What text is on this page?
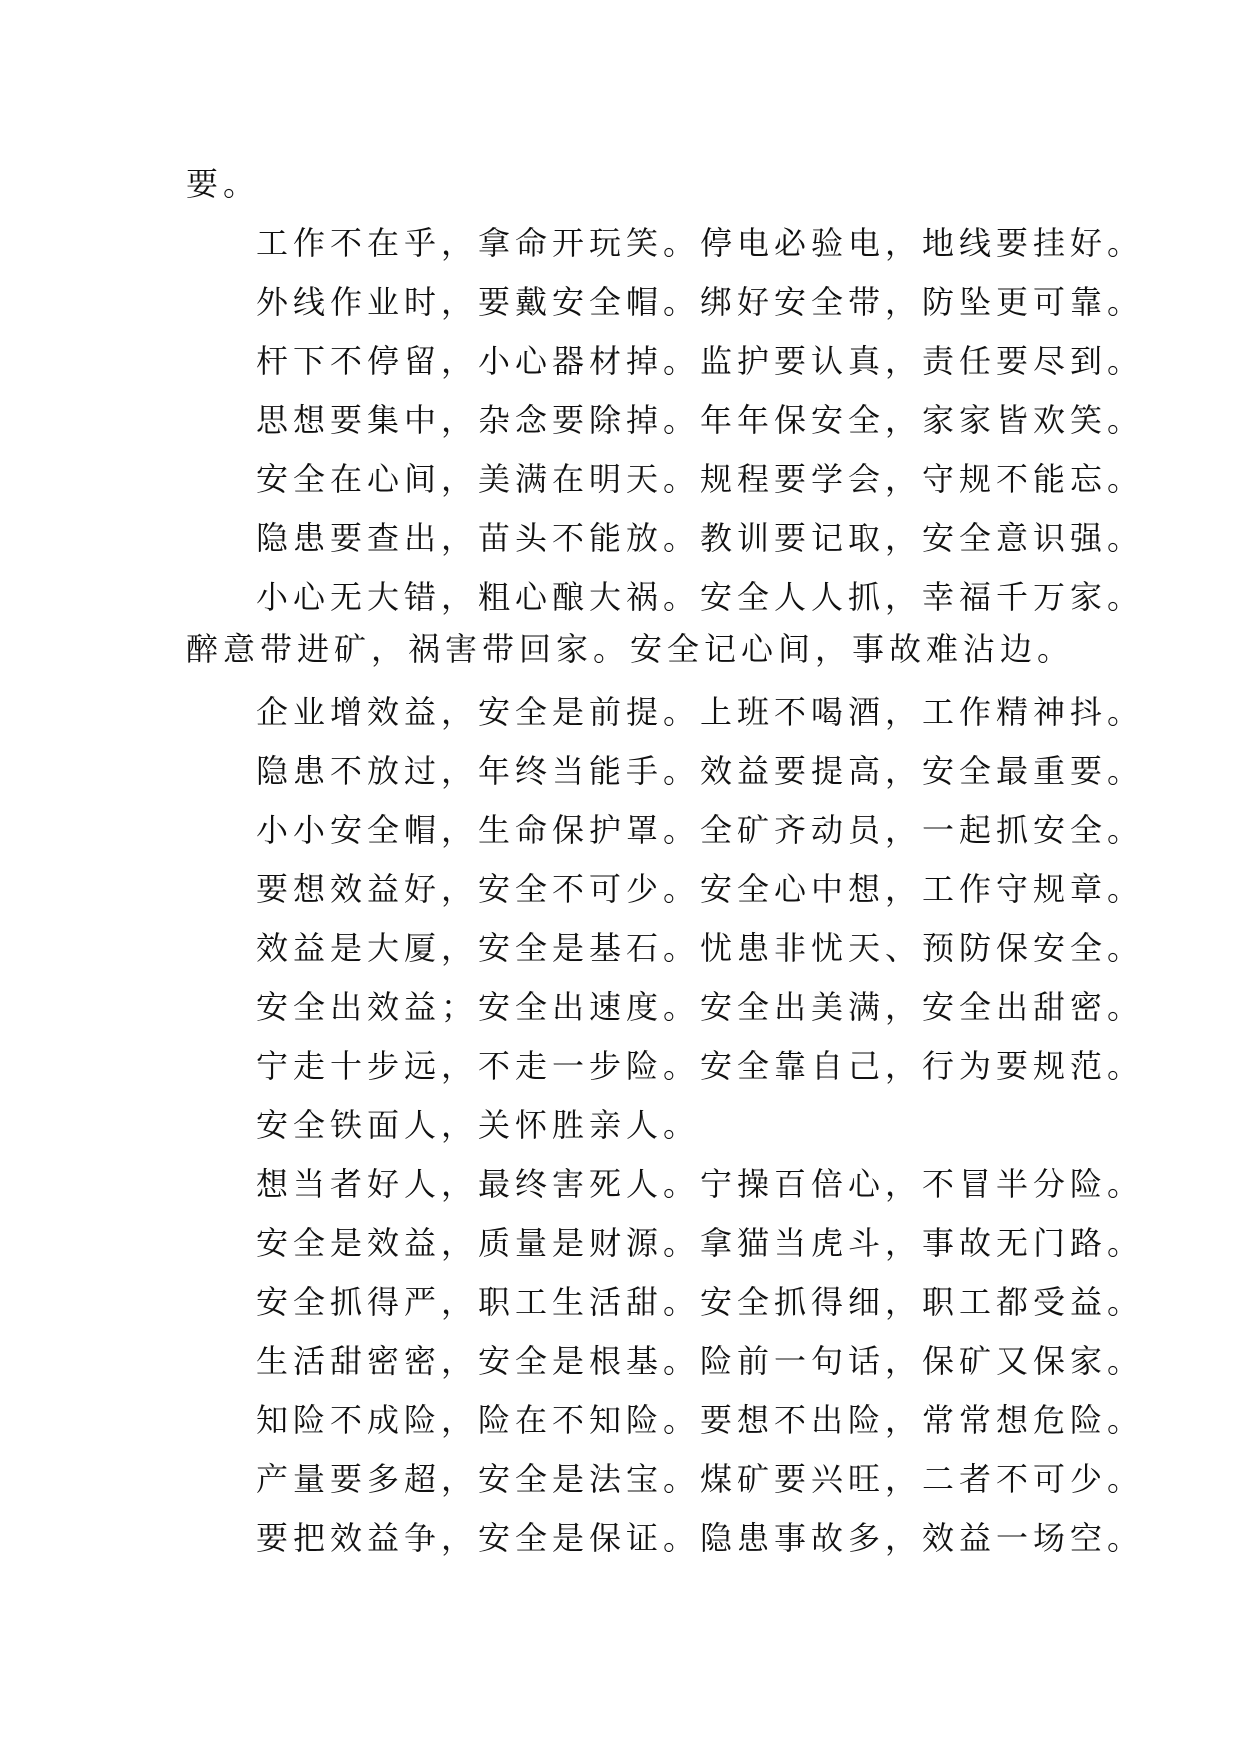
要。
工作不在乎，拿命开玩笑。停电必验电，地线要挂好。
外线作业时，要戴安全帽。绑好安全带，防坠更可靠。
杆下不停留，小心器材掉。监护要认真，责任要尽到。
思想要集中，杂念要除掉。年年保安全，家家皆欢笑。
安全在心间，美满在明天。规程要学会，守规不能忘。
隐患要查出，苗头不能放。教训要记取，安全意识强。
小心无大错，粗心酿大祸。安全人人抓，幸福千万家。
醉意带进矿，祸害带回家。安全记心间，事故难沾边。
企业增效益，安全是前提。上班不喝酒，工作精神抖。
隐患不放过，年终当能手。效益要提高，安全最重要。
小小安全帽，生命保护罩。全矿齐动员，一起抓安全。
要想效益好，安全不可少。安全心中想，工作守规章。
效益是大厦，安全是基石。忧患非忧天、预防保安全。
安全出效益；安全出速度。安全出美满，安全出甜密。
宁走十步远，不走一步险。安全靠自己，行为要规范。
安全铁面人，关怀胜亲人。
想当者好人，最终害死人。宁操百倍心，不冒半分险。
安全是效益，质量是财源。拿猫当虎斗，事故无门路。
安全抓得严，职工生活甜。安全抓得细，职工都受益。
生活甜密密，安全是根基。险前一句话，保矿又保家。
知险不成险，险在不知险。要想不出险，常常想危险。
产量要多超，安全是法宝。煤矿要兴旺，二者不可少。
要把效益争，安全是保证。隐患事故多，效益一场空。
